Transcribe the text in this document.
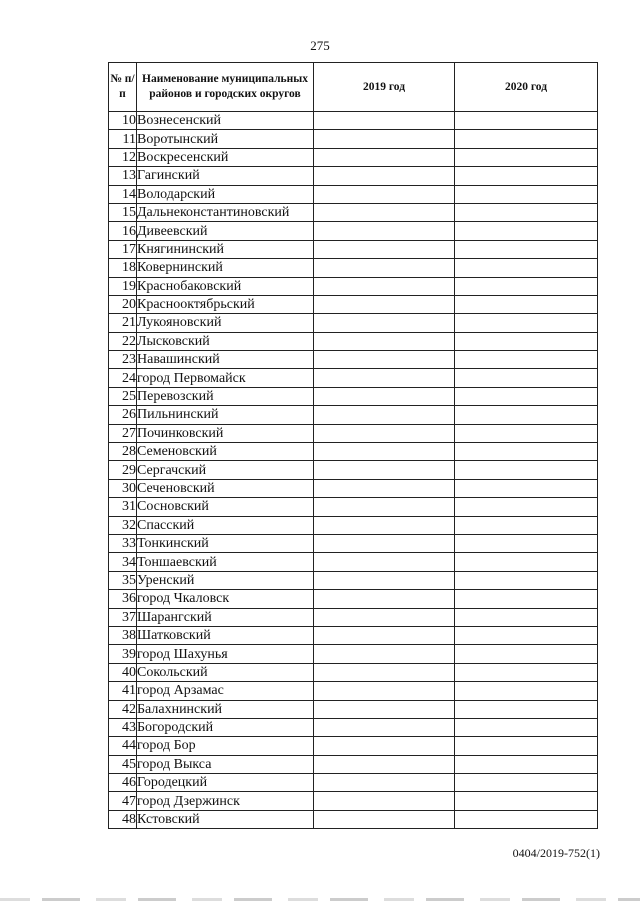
275
№ п/п	Наименование муниципальных районов и городских округов	2019 год	2020 год
10	Вознесенский		
11	Воротынский		
12	Воскресенский		
13	Гагинский		
14	Володарский		
15	Дальнеконстантиновский		
16	Дивеевский		
17	Княгининский		
18	Ковернинский		
19	Краснобаковский		
20	Краснооктябрьский		
21	Лукояновский		
22	Лысковский		
23	Навашинский		
24	город Первомайск		
25	Перевозский		
26	Пильнинский		
27	Починковский		
28	Семеновский		
29	Сергачский		
30	Сеченовский		
31	Сосновский		
32	Спасский		
33	Тонкинский		
34	Тоншаевский		
35	Уренский		
36	город Чкаловск		
37	Шарангский		
38	Шатковский		
39	город Шахунья		
40	Сокольский		
41	город Арзамас		
42	Балахнинский		
43	Богородский		
44	город Бор		
45	город Выкса		
46	Городецкий		
47	город Дзержинск		
48	Кстовский		
0404/2019-752(1)
